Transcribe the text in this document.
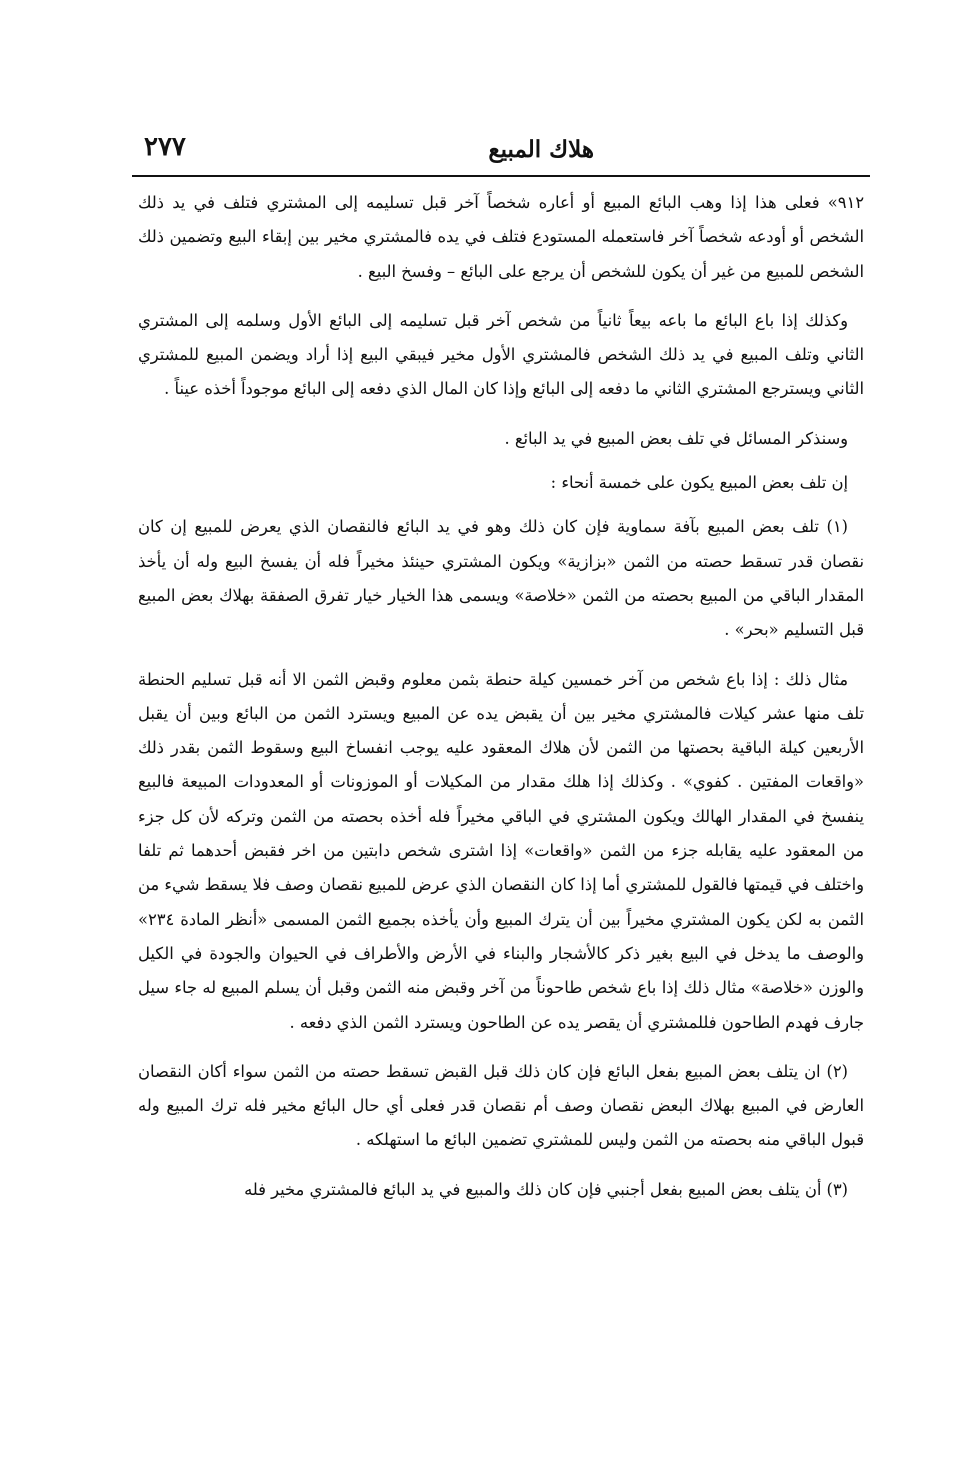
هلاك المبيع
٢٧٧

٩١٢» فعلى هذا إذا وهب البائع المبيع أو أعاره شخصاً آخر قبل تسليمه إلى المشتري فتلف في يد ذلك الشخص أو أودعه شخصاً آخر فاستعمله المستودع فتلف في يده فالمشتري مخير بين إبقاء البيع وتضمين ذلك الشخص للمبيع من غير أن يكون للشخص أن يرجع على البائع – وفسخ البيع .

وكذلك إذا باع البائع ما باعه بيعاً ثانياً من شخص آخر قبل تسليمه إلى البائع الأول وسلمه إلى المشتري الثاني وتلف المبيع في يد ذلك الشخص فالمشتري الأول مخير فيبقي البيع إذا أراد ويضمن المبيع للمشتري الثاني ويسترجع المشتري الثاني ما دفعه إلى البائع وإذا كان المال الذي دفعه إلى البائع موجوداً أخذه عيناً .

وسنذكر المسائل في تلف بعض المبيع في يد البائع .

إن تلف بعض المبيع يكون على خمسة أنحاء :

(١) تلف بعض المبيع بآفة سماوية فإن كان ذلك وهو في يد البائع فالنقصان الذي يعرض للمبيع إن كان نقصان قدر تسقط حصته من الثمن «بزازية» ويكون المشتري حينئذ مخيراً فله أن يفسخ البيع وله أن يأخذ المقدار الباقي من المبيع بحصته من الثمن «خلاصة» ويسمى هذا الخيار خيار تفرق الصفقة بهلاك بعض المبيع قبل التسليم «بحر» .

مثال ذلك : إذا باع شخص من آخر خمسين كيلة حنطة بثمن معلوم وقبض الثمن الا أنه قبل تسليم الحنطة تلف منها عشر كيلات فالمشتري مخير بين أن يقبض يده عن المبيع ويسترد الثمن من البائع وبين أن يقبل الأربعين كيلة الباقية بحصتها من الثمن لأن هلاك المعقود عليه يوجب انفساخ البيع وسقوط الثمن بقدر ذلك «واقعات المفتين . كفوي» . وكذلك إذا هلك مقدار من المكيلات أو الموزونات أو المعدودات المبيعة فالبيع ينفسخ في المقدار الهالك ويكون المشتري في الباقي مخيراً فله أخذه بحصته من الثمن وتركه لأن كل جزء من المعقود عليه يقابله جزء من الثمن «واقعات» إذا اشترى شخص دابتين من اخر فقبض أحدهما ثم تلفا واختلف في قيمتها فالقول للمشتري أما إذا كان النقصان الذي عرض للمبيع نقصان وصف فلا يسقط شيء من الثمن به لكن يكون المشتري مخيراً بين أن يترك المبيع وأن يأخذه بجميع الثمن المسمى «أنظر المادة ٢٣٤» والوصف ما يدخل في البيع بغير ذكر كالأشجار والبناء في الأرض والأطراف في الحيوان والجودة في الكيل والوزن «خلاصة» مثال ذلك إذا باع شخص طاحوناً من آخر وقبض منه الثمن وقبل أن يسلم المبيع له جاء سيل جارف فهدم الطاحون فللمشتري أن يقصر يده عن الطاحون ويسترد الثمن الذي دفعه .

(٢) ان يتلف بعض المبيع بفعل البائع فإن كان ذلك قبل القبض تسقط حصته من الثمن سواء أكان النقصان العارض في المبيع بهلاك البعض نقصان وصف أم نقصان قدر فعلى أي حال البائع مخير فله ترك المبيع وله قبول الباقي منه بحصته من الثمن وليس للمشتري تضمين البائع ما استهلكه .

(٣) أن يتلف بعض المبيع بفعل أجنبي فإن كان ذلك والمبيع في يد البائع فالمشتري مخير فله
